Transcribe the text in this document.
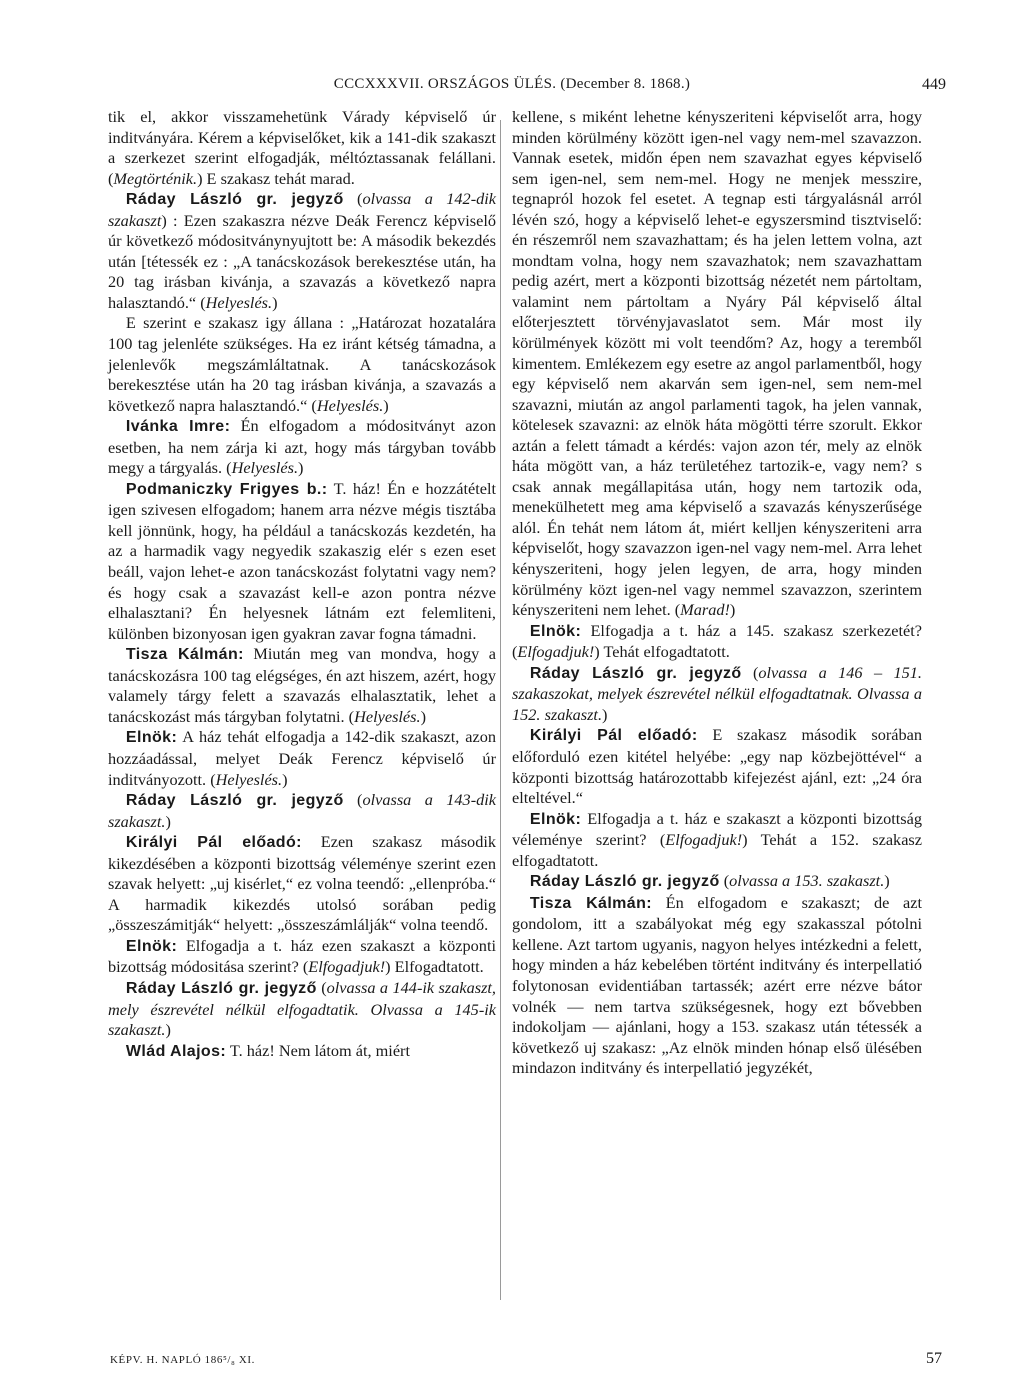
CCCXXXVII. ORSZÁGOS ÜLÉS. (December 8. 1868.)	449

tik el, akkor visszamehetünk Várady képviselő úr inditványára. Kérem a képviselőket, kik a 141-dik szakaszt a szerkezet szerint elfogadják, méltóztassanak felállani. (Megtörténik.) E szakasz tehát marad.

Ráday László gr. jegyző (olvassa a 142-dik szakaszt) : Ezen szakaszra nézve Deák Ferencz képviselő úr következő módositványnyujtott be: A második bekezdés után [tétessék ez : „A tanácskozások berekesztése után, ha 20 tag irásban kivánja, a szavazás a következő napra halasztandó.“ (Helyeslés.)

E szerint e szakasz igy állana : „Határozat hozatalára 100 tag jelenléte szükséges. Ha ez iránt kétség támadna, a jelenlevők megszámláltatnak. A tanácskozások berekesztése után ha 20 tag irásban kivánja, a szavazás a következő napra halasztandó.“ (Helyeslés.)

Ivánka Imre: Én elfogadom a módositványt azon esetben, ha nem zárja ki azt, hogy más tárgyban tovább megy a tárgyalás. (Helyeslés.)

Podmaniczky Frigyes b.: T. ház! Én e hozzátételt igen szivesen elfogadom; hanem arra nézve mégis tisztába kell jönnünk, hogy, ha például a tanácskozás kezdetén, ha az a harmadik vagy negyedik szakaszig elér s ezen eset beáll, vajon lehet-e azon tanácskozást folytatni vagy nem? és hogy csak a szavazást kell-e azon pontra nézve elhalasztani? Én helyesnek látnám ezt felemliteni, különben bizonyosan igen gyakran zavar fogna támadni.

Tisza Kálmán: Miután meg van mondva, hogy a tanácskozásra 100 tag elégséges, én azt hiszem, azért, hogy valamely tárgy felett a szavazás elhalasztatik, lehet a tanácskozást más tárgyban folytatni. (Helyeslés.)

Elnök: A ház tehát elfogadja a 142-dik szakaszt, azon hozzáadással, melyet Deák Ferencz képviselő úr inditványozott. (Helyeslés.)

Ráday László gr. jegyző (olvassa a 143-dik szakaszt.)

Királyi Pál előadó: Ezen szakasz második kikezdésében a központi bizottság véleménye szerint ezen szavak helyett: „uj kisérlet,“ ez volna teendő: „ellenpróba.“ A harmadik kikezdés utolsó sorában pedig „összeszámitják“ helyett: „összeszámlálják“ volna teendő.

Elnök: Elfogadja a t. ház ezen szakaszt a központi bizottság módositása szerint? (Elfogadjuk!) Elfogadtatott.

Ráday László gr. jegyző (olvassa a 144-ik szakaszt, mely észrevétel nélkül elfogadtatik. Olvassa a 145-ik szakaszt.)

Wlád Alajos: T. ház! Nem látom át, miért

kellene, s miként lehetne kényszeriteni képviselőt arra, hogy minden körülmény között igen-nel vagy nem-mel szavazzon. Vannak esetek, midőn épen nem szavazhat egyes képviselő sem igen-nel, sem nem-mel. Hogy ne menjek messzire, tegnapról hozok fel esetet. A tegnap esti tárgyalásnál arról lévén szó, hogy a képviselő lehet-e egyszersmind tisztviselő: én részemről nem szavazhattam; és ha jelen lettem volna, azt mondtam volna, hogy nem szavazhatok; nem szavazhattam pedig azért, mert a központi bizottság nézetét nem pártoltam, valamint nem pártoltam a Nyáry Pál képviselő által előterjesztett törvényjavaslatot sem. Már most ily körülmények között mi volt teendőm? Az, hogy a teremből kimentem. Emlékezem egy esetre az angol parlamentből, hogy egy képviselő nem akarván sem igen-nel, sem nem-mel szavazni, miután az angol parlamenti tagok, ha jelen vannak, kötelesek szavazni: az elnök háta mögötti térre szorult. Ekkor aztán a felett támadt a kérdés: vajon azon tér, mely az elnök háta mögött van, a ház területéhez tartozik-e, vagy nem? s csak annak megállapitása után, hogy nem tartozik oda, menekülhetett meg ama képviselő a szavazás kényszerűsége alól. Én tehát nem látom át, miért kelljen kényszeriteni arra képviselőt, hogy szavazzon igen-nel vagy nem-mel. Arra lehet kényszeriteni, hogy jelen legyen, de arra, hogy minden körülmény közt igen-nel vagy nemmel szavazzon, szerintem kényszeriteni nem lehet. (Marad!)

Elnök: Elfogadja a t. ház a 145. szakasz szerkezetét? (Elfogadjuk!) Tehát elfogadtatott.

Ráday László gr. jegyző (olvassa a 146 – 151. szakaszokat, melyek észrevétel nélkül elfogadtatnak. Olvassa a 152. szakaszt.)

Királyi Pál előadó: E szakasz második sorában előforduló ezen kitétel helyébe: „egy nap közbejöttével“ a központi bizottság határozottabb kifejezést ajánl, ezt: „24 óra elteltével.“

Elnök: Elfogadja a t. ház e szakaszt a központi bizottság véleménye szerint? (Elfogadjuk!) Tehát a 152. szakasz elfogadtatott.

Ráday László gr. jegyző (olvassa a 153. szakaszt.)

Tisza Kálmán: Én elfogadom e szakaszt; de azt gondolom, itt a szabályokat még egy szakasszal pótolni kellene. Azt tartom ugyanis, nagyon helyes intézkedni a felett, hogy minden a ház kebelében történt inditvány és interpellatió folytonosan evidentiában tartassék; azért erre nézve bátor volnék — nem tartva szükségesnek, hogy ezt bővebben indokoljam — ajánlani, hogy a 153. szakasz után tétessék a következő uj szakasz: „Az elnök minden hónap első ülésében mindazon inditvány és interpellatió jegyzékét,

KÉPV. H. NAPLÓ 186⁵/₈ XI.	57
